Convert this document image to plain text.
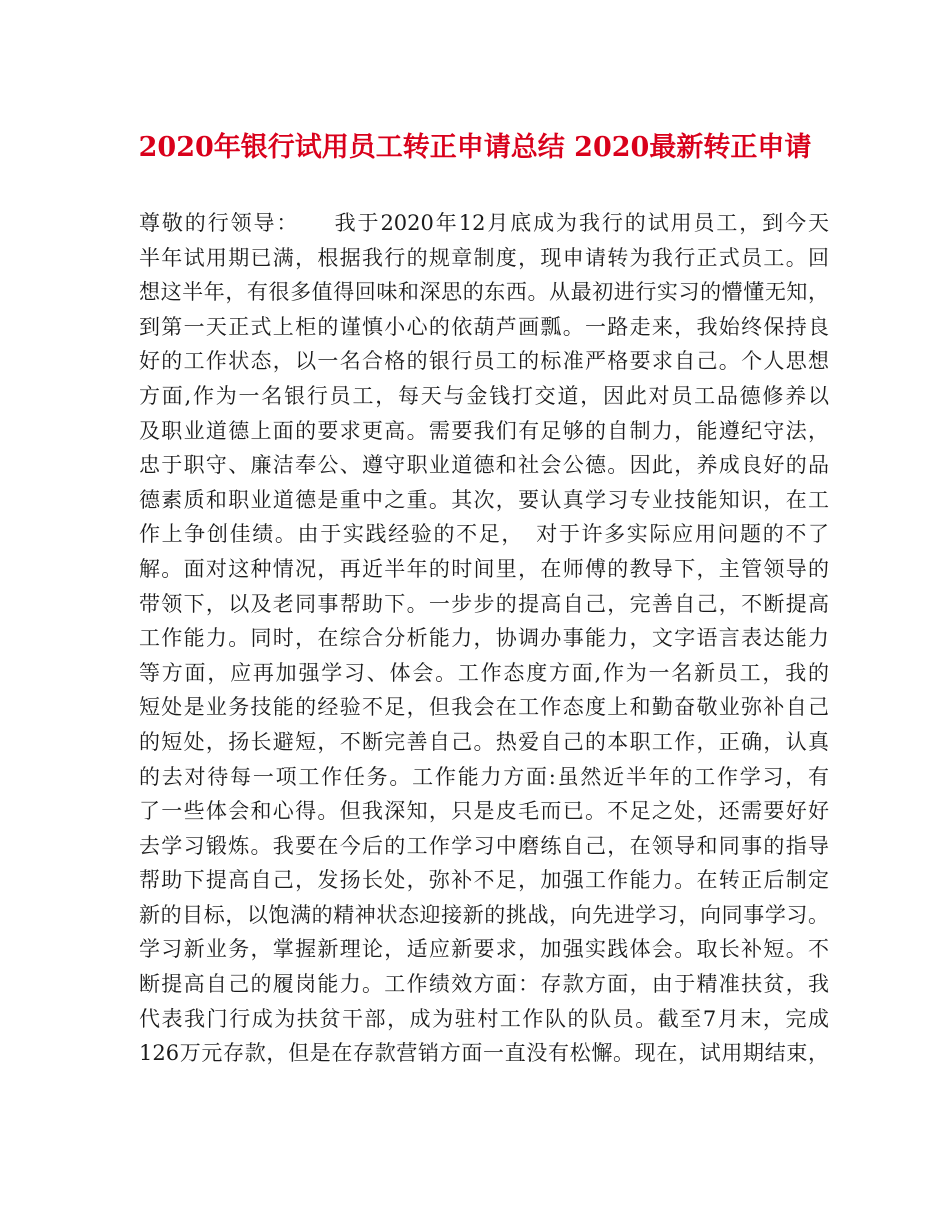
2020年银行试用员工转正申请总结 2020最新转正申请
尊敬的行领导：　　我于2020年12月底成为我行的试用员工，到今天
半年试用期已满，根据我行的规章制度，现申请转为我行正式员工。回
想这半年，有很多值得回味和深思的东西。从最初进行实习的懵懂无知，
到第一天正式上柜的谨慎小心的依葫芦画瓢。一路走来，我始终保持良
好的工作状态，以一名合格的银行员工的标准严格要求自己。个人思想
方面,作为一名银行员工，每天与金钱打交道，因此对员工品德修养以
及职业道德上面的要求更高。需要我们有足够的自制力，能遵纪守法，
忠于职守、廉洁奉公、遵守职业道德和社会公德。因此，养成良好的品
德素质和职业道德是重中之重。其次，要认真学习专业技能知识，在工
作上争创佳绩。由于实践经验的不足，　对于许多实际应用问题的不了
解。面对这种情况，再近半年的时间里，在师傅的教导下，主管领导的
带领下，以及老同事帮助下。一步步的提高自己，完善自己，不断提高
工作能力。同时，在综合分析能力，协调办事能力，文字语言表达能力
等方面，应再加强学习、体会。工作态度方面,作为一名新员工，我的
短处是业务技能的经验不足，但我会在工作态度上和勤奋敬业弥补自己
的短处，扬长避短，不断完善自己。热爱自己的本职工作，正确，认真
的去对待每一项工作任务。工作能力方面:虽然近半年的工作学习，有
了一些体会和心得。但我深知，只是皮毛而已。不足之处，还需要好好
去学习锻炼。我要在今后的工作学习中磨练自己，在领导和同事的指导
帮助下提高自己，发扬长处，弥补不足，加强工作能力。在转正后制定
新的目标，以饱满的精神状态迎接新的挑战，向先进学习，向同事学习。
学习新业务，掌握新理论，适应新要求，加强实践体会。取长补短。不
断提高自己的履岗能力。工作绩效方面：存款方面，由于精准扶贫，我
代表我门行成为扶贫干部，成为驻村工作队的队员。截至7月末，完成
126万元存款，但是在存款营销方面一直没有松懈。现在，试用期结束，
